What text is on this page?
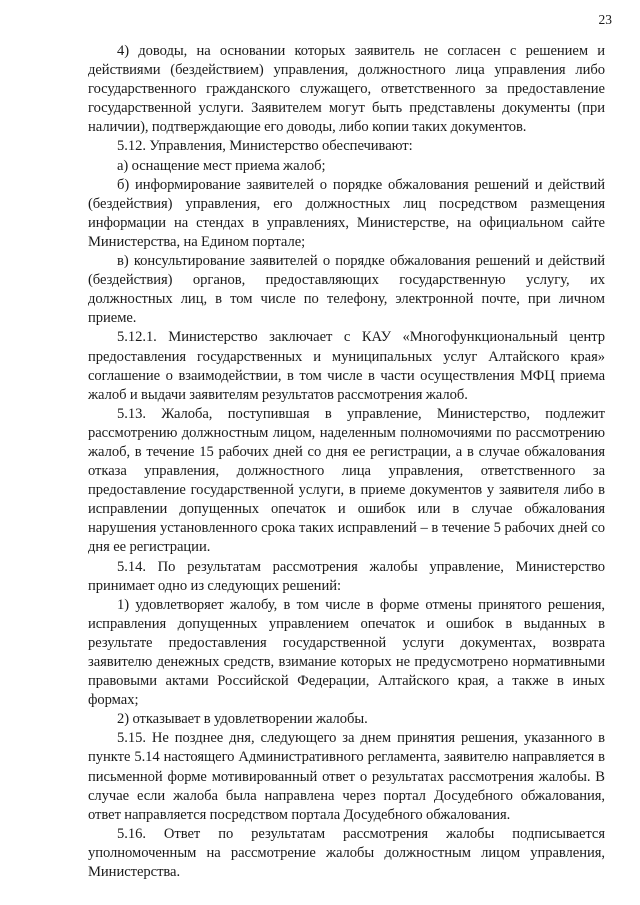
23

4) доводы, на основании которых заявитель не согласен с решением и действиями (бездействием) управления, должностного лица управления либо государственного гражданского служащего, ответственного за предоставление государственной услуги. Заявителем могут быть представлены документы (при наличии), подтверждающие его доводы, либо копии таких документов.

5.12. Управления, Министерство обеспечивают:

а) оснащение мест приема жалоб;

б) информирование заявителей о порядке обжалования решений и действий (бездействия) управления, его должностных лиц посредством размещения информации на стендах в управлениях, Министерстве, на официальном сайте Министерства, на Едином портале;

в) консультирование заявителей о порядке обжалования решений и действий (бездействия) органов, предоставляющих государственную услугу, их должностных лиц, в том числе по телефону, электронной почте, при личном приеме.

5.12.1. Министерство заключает с КАУ «Многофункциональный центр предоставления государственных и муниципальных услуг Алтайского края» соглашение о взаимодействии, в том числе в части осуществления МФЦ приема жалоб и выдачи заявителям результатов рассмотрения жалоб.

5.13. Жалоба, поступившая в управление, Министерство, подлежит рассмотрению должностным лицом, наделенным полномочиями по рассмотрению жалоб, в течение 15 рабочих дней со дня ее регистрации, а в случае обжалования отказа управления, должностного лица управления, ответственного за предоставление государственной услуги, в приеме документов у заявителя либо в исправлении допущенных опечаток и ошибок или в случае обжалования нарушения установленного срока таких исправлений – в течение 5 рабочих дней со дня ее регистрации.

5.14. По результатам рассмотрения жалобы управление, Министерство принимает одно из следующих решений:

1) удовлетворяет жалобу, в том числе в форме отмены принятого решения, исправления допущенных управлением опечаток и ошибок в выданных в результате предоставления государственной услуги документах, возврата заявителю денежных средств, взимание которых не предусмотрено нормативными правовыми актами Российской Федерации, Алтайского края, а также в иных формах;

2) отказывает в удовлетворении жалобы.

5.15. Не позднее дня, следующего за днем принятия решения, указанного в пункте 5.14 настоящего Административного регламента, заявителю направляется в письменной форме мотивированный ответ о результатах рассмотрения жалобы. В случае если жалоба была направлена через портал Досудебного обжалования, ответ направляется посредством портала Досудебного обжалования.

5.16. Ответ по результатам рассмотрения жалобы подписывается уполномоченным на рассмотрение жалобы должностным лицом управления, Министерства.
